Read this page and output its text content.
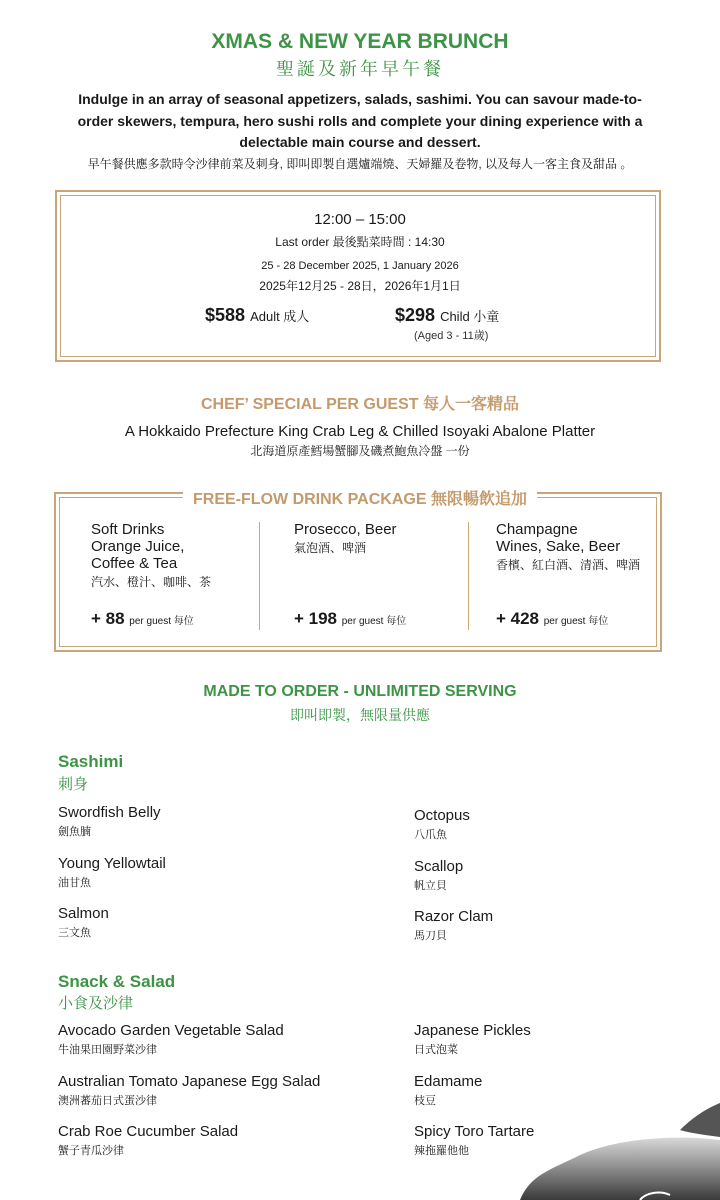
XMAS & NEW YEAR BRUNCH
聖誕及新年早午餐
Indulge in an array of seasonal appetizers, salads, sashimi. You can savour made-to-order skewers, tempura, hero sushi rolls and complete your dining experience with a delectable main course and dessert.
早午餐供應多款時令沙律前菜及刺身, 即叫即製自選爐端燒、天婦羅及卷物, 以及每人一客主食及甜品 。
12:00 – 15:00
Last order 最後點菜時間 : 14:30
25 - 28 December 2025, 1 January 2026
2025年12月25 - 28日，2026年1月1日
$588 Adult 成人	$298 Child 小童
(Aged 3 - 11歲)
CHEF’ SPECIAL PER GUEST 每人一客精品
A Hokkaido Prefecture King Crab Leg & Chilled Isoyaki Abalone Platter
北海道原產鱈場蟹腳及磯煮鮑魚冷盤 一份
FREE-FLOW DRINK PACKAGE 無限暢飲追加
Soft Drinks
Orange Juice,
Coffee & Tea
汽水、橙汁、咖啡、茶
Prosecco, Beer
氣泡酒、啤酒
Champagne
Wines, Sake, Beer
香檳、紅白酒、清酒、啤酒
+ 88 per guest 每位	+ 198 per guest 每位	+ 428 per guest 每位
MADE TO ORDER - UNLIMITED SERVING
即叫即製，無限量供應
Sashimi
刺身
Swordfish Belly
劍魚腩
Young Yellowtail
油甘魚
Salmon
三文魚
Octopus
八爪魚
Scallop
帆立貝
Razor Clam
馬刀貝
Snack & Salad
小食及沙律
Avocado Garden Vegetable Salad
牛油果田園野菜沙律
Australian Tomato Japanese Egg Salad
澳洲蕃茄日式蛋沙律
Crab Roe Cucumber Salad
蟹子青瓜沙律
Japanese Pickles
日式泡菜
Edamame
枝豆
Spicy Toro Tartare
辣拖羅他他
